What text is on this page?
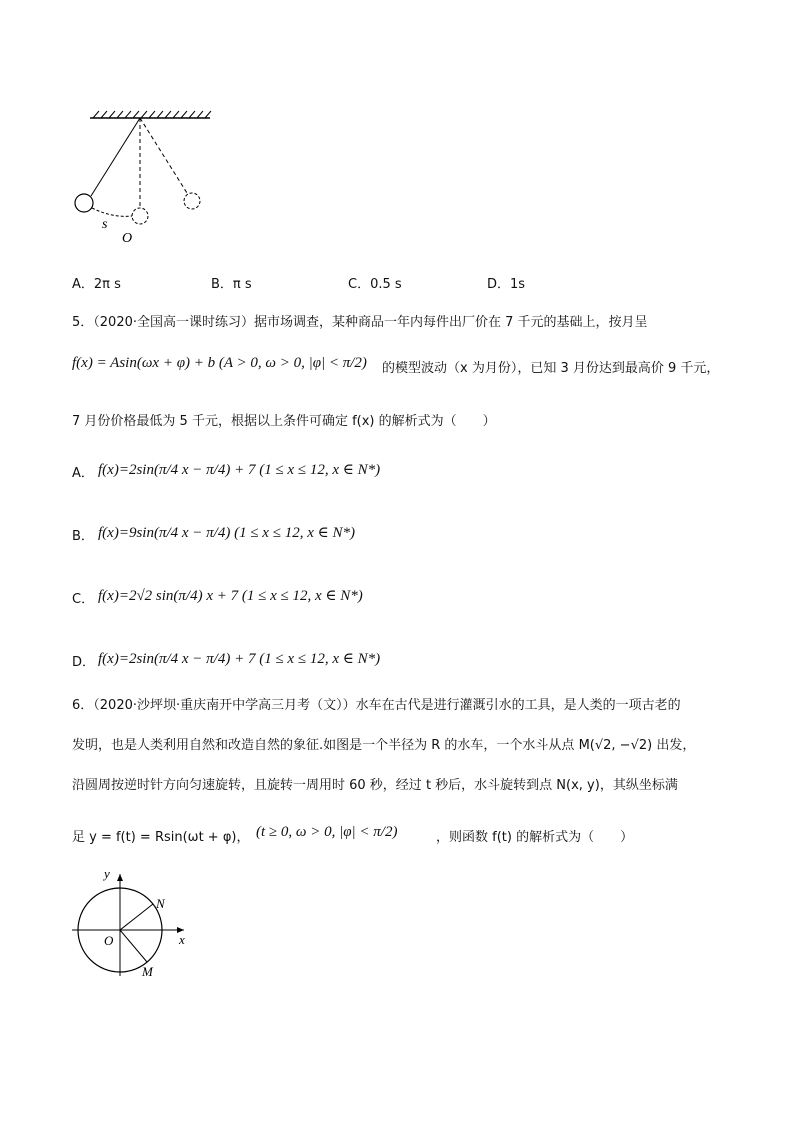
s
O
A．2π s	B．π s	C．0.5 s	D．1s
5．（2020·全国高一课时练习）据市场调查，某种商品一年内每件出厂价在 7 千元的基础上，按月呈
f(x) = Asin(ωx + φ) + b (A > 0, ω > 0, |φ| < π/2) 的模型波动（x 为月份），已知 3 月份达到最高价 9 千元，
7 月份价格最低为 5 千元，根据以上条件可确定 f(x) 的解析式为（　　）
A． f(x)=2sin(π/4 x − π/4) + 7 (1 ≤ x ≤ 12, x ∈ N*)
B． f(x)=9sin(π/4 x − π/4) (1 ≤ x ≤ 12, x ∈ N*)
C． f(x)=2√2 sin(π/4) x + 7 (1 ≤ x ≤ 12, x ∈ N*)
D． f(x)=2sin(π/4 x − π/4) + 7 (1 ≤ x ≤ 12, x ∈ N*)
6．（2020·沙坪坝·重庆南开中学高三月考（文））水车在古代是进行灌溉引水的工具，是人类的一项古老的
发明，也是人类利用自然和改造自然的象征.如图是一个半径为 R 的水车，一个水斗从点 M(√2, −√2) 出发，
沿圆周按逆时针方向匀速旋转，且旋转一周用时 60 秒，经过 t 秒后，水斗旋转到点 N(x, y)，其纵坐标满
足 y = f(t) = Rsin(ωt + φ)， (t ≥ 0, ω > 0, |φ| < π/2)	，则函数 f(t) 的解析式为（　　）
y
x
O
N
M
